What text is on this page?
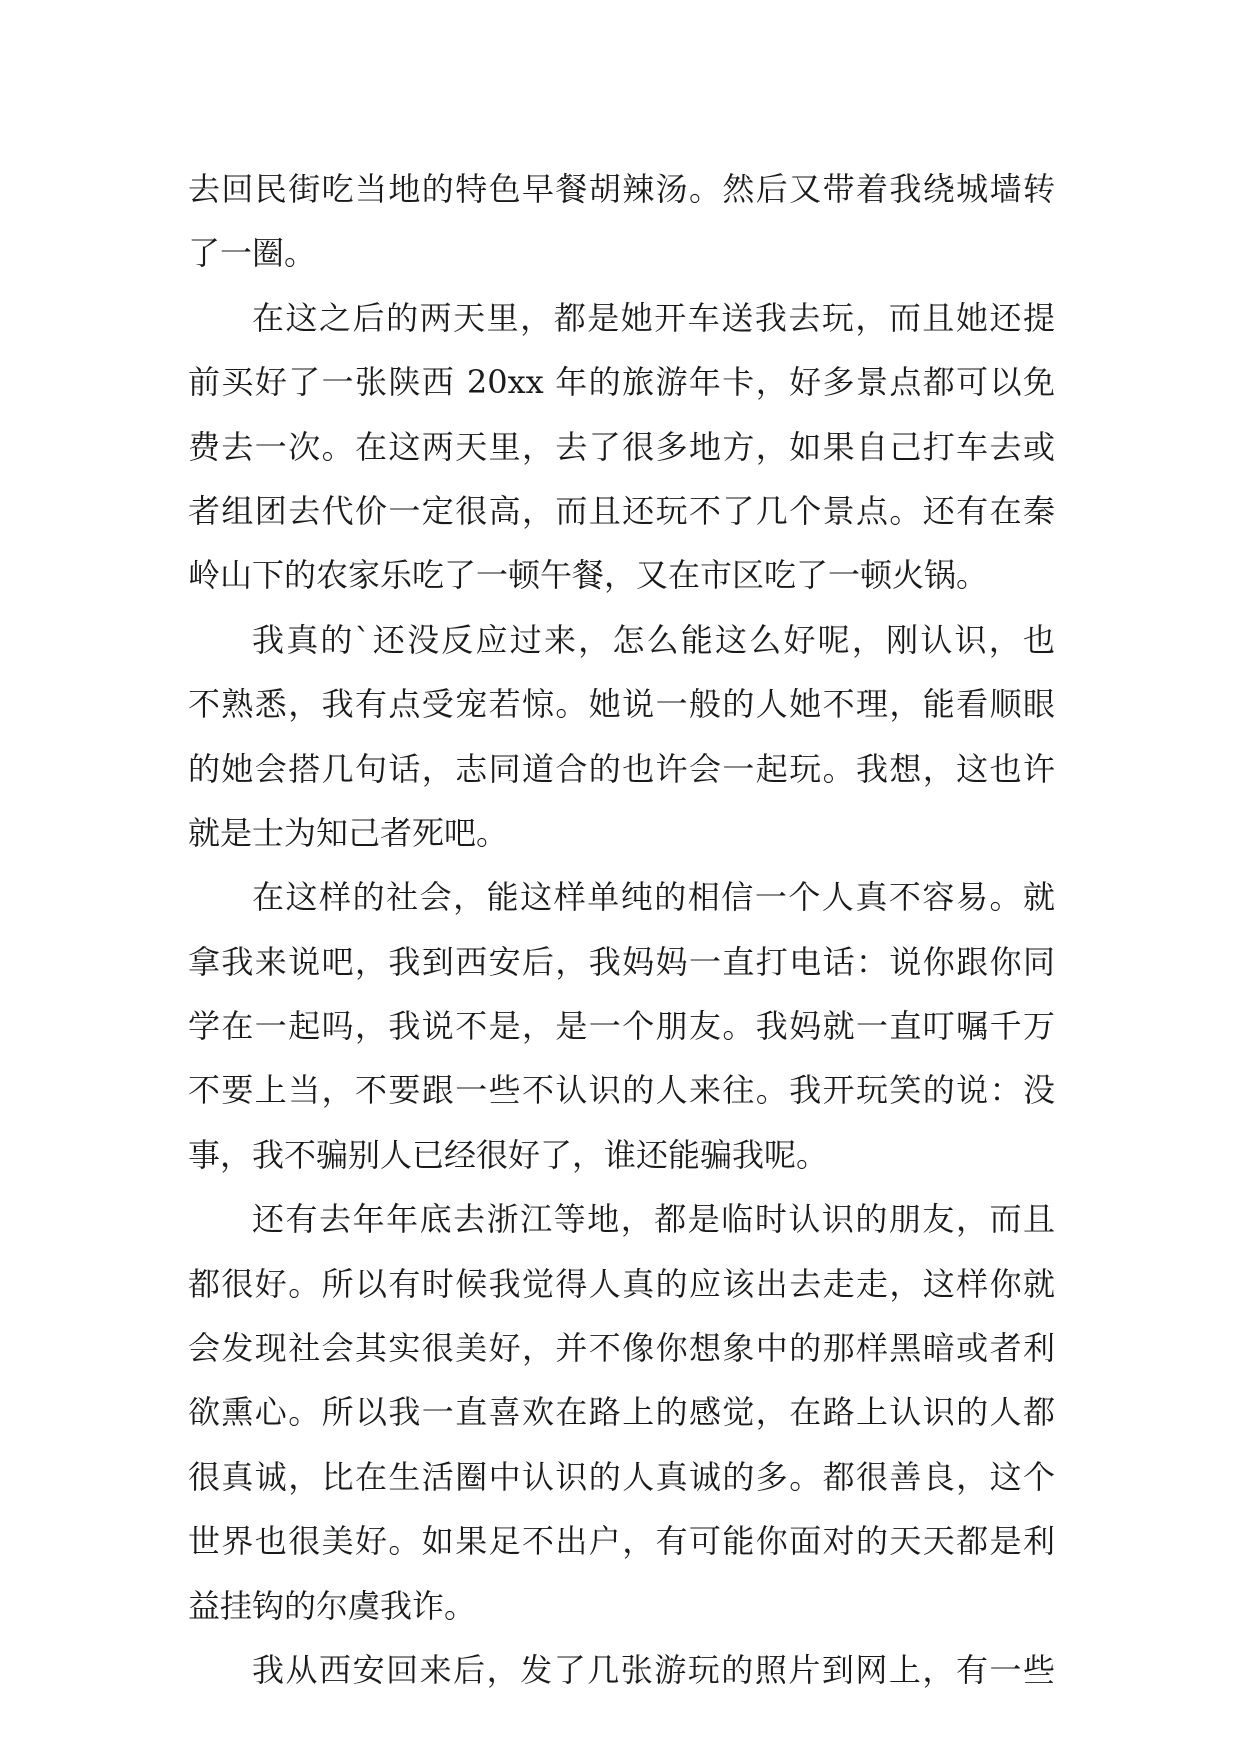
去回民街吃当地的特色早餐胡辣汤。然后又带着我绕城墙转
了一圈。
在这之后的两天里，都是她开车送我去玩，而且她还提
前买好了一张陕西 20xx 年的旅游年卡，好多景点都可以免
费去一次。在这两天里，去了很多地方，如果自己打车去或
者组团去代价一定很高，而且还玩不了几个景点。还有在秦
岭山下的农家乐吃了一顿午餐，又在市区吃了一顿火锅。
我真的`还没反应过来，怎么能这么好呢，刚认识，也
不熟悉，我有点受宠若惊。她说一般的人她不理，能看顺眼
的她会搭几句话，志同道合的也许会一起玩。我想，这也许
就是士为知己者死吧。
在这样的社会，能这样单纯的相信一个人真不容易。就
拿我来说吧，我到西安后，我妈妈一直打电话：说你跟你同
学在一起吗，我说不是，是一个朋友。我妈就一直叮嘱千万
不要上当，不要跟一些不认识的人来往。我开玩笑的说：没
事，我不骗别人已经很好了，谁还能骗我呢。
还有去年年底去浙江等地，都是临时认识的朋友，而且
都很好。所以有时候我觉得人真的应该出去走走，这样你就
会发现社会其实很美好，并不像你想象中的那样黑暗或者利
欲熏心。所以我一直喜欢在路上的感觉，在路上认识的人都
很真诚，比在生活圈中认识的人真诚的多。都很善良，这个
世界也很美好。如果足不出户，有可能你面对的天天都是利
益挂钩的尔虞我诈。
我从西安回来后，发了几张游玩的照片到网上，有一些
